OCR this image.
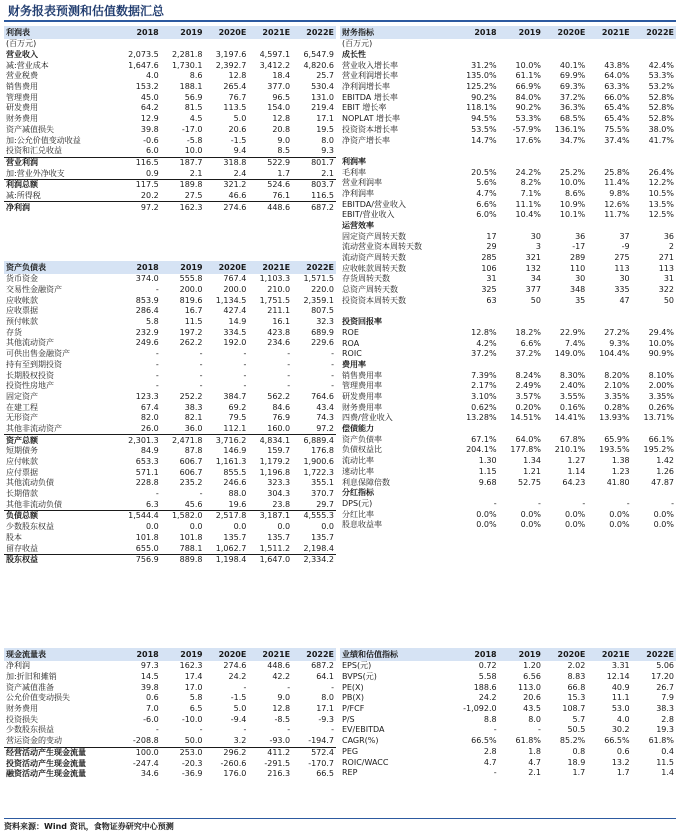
财务报表预测和估值数据汇总
利润表	2018	2019	2020E	2021E	2022E
(百万元)					
营业收入	2,073.5	2,281.8	3,197.6	4,597.1	6,547.9
减:营业成本	1,647.6	1,730.1	2,392.7	3,412.2	4,820.6
营业税费	4.0	8.6	12.8	18.4	25.7
销售费用	153.2	188.1	265.4	377.0	530.4
管理费用	45.0	56.9	76.7	96.5	131.0
研发费用	64.2	81.5	113.5	154.0	219.4
财务费用	12.9	4.5	5.0	12.8	17.1
资产减值损失	39.8	-17.0	20.6	20.8	19.5
加:公允价值变动收益	-0.6	-5.8	-1.5	9.0	8.0
投资和汇兑收益	6.0	10.0	9.4	8.5	9.3
营业利润	116.5	187.7	318.8	522.9	801.7
加:营业外净收支	0.9	2.1	2.4	1.7	2.1
利润总额	117.5	189.8	321.2	524.6	803.7
减:所得税	20.2	27.5	46.6	76.1	116.5
净利润	97.2	162.3	274.6	448.6	687.2
资产负债表	2018	2019	2020E	2021E	2022E
货币资金	374.0	555.8	767.4	1,103.3	1,571.5
交易性金融资产	-	200.0	200.0	210.0	220.0
应收帐款	853.9	819.6	1,134.5	1,751.5	2,359.1
应收票据	286.4	16.7	427.4	211.1	807.5
预付帐款	5.8	11.5	14.9	16.1	32.3
存货	232.9	197.2	334.5	423.8	689.9
其他流动资产	249.6	262.2	192.0	234.6	229.6
可供出售金融资产	-	-	-	-	-
持有至到期投资	-	-	-	-	-
长期股权投资	-	-	-	-	-
投资性房地产	-	-	-	-	-
固定资产	123.3	252.2	384.7	562.2	764.6
在建工程	67.4	38.3	69.2	84.6	43.4
无形资产	82.0	82.1	79.5	76.9	74.3
其他非流动资产	26.0	36.0	112.1	160.0	97.2
资产总额	2,301.3	2,471.8	3,716.2	4,834.1	6,889.4
短期债务	84.9	87.8	146.9	159.7	176.8
应付帐款	653.3	606.7	1,161.3	1,179.2	1,900.6
应付票据	571.1	606.7	855.5	1,196.8	1,722.3
其他流动负债	228.8	235.2	246.6	323.3	355.1
长期借款	-	-	88.0	304.3	370.7
其他非流动负债	6.3	45.6	19.6	23.8	29.7
负债总额	1,544.4	1,582.0	2,517.8	3,187.1	4,555.3
少数股东权益	0.0	0.0	0.0	0.0	0.0
股本	101.8	101.8	135.7	135.7	135.7
留存收益	655.0	788.1	1,062.7	1,511.2	2,198.4
股东权益	756.9	889.8	1,198.4	1,647.0	2,334.2
财务指标	2018	2019	2020E	2021E	2022E
(百万元)					
成长性					
营业收入增长率	31.2%	10.0%	40.1%	43.8%	42.4%
营业利润增长率	135.0%	61.1%	69.9%	64.0%	53.3%
净利润增长率	125.2%	66.9%	69.3%	63.3%	53.2%
EBITDA 增长率	90.2%	84.0%	37.2%	66.0%	52.8%
EBIT 增长率	118.1%	90.2%	36.3%	65.4%	52.8%
NOPLAT 增长率	94.5%	53.3%	68.5%	65.4%	52.8%
投资资本增长率	53.5%	-57.9%	136.1%	75.5%	38.0%
净资产增长率	14.7%	17.6%	34.7%	37.4%	41.7%

利润率					
毛利率	20.5%	24.2%	25.2%	25.8%	26.4%
营业利润率	5.6%	8.2%	10.0%	11.4%	12.2%
净利润率	4.7%	7.1%	8.6%	9.8%	10.5%
EBITDA/营业收入	6.6%	11.1%	10.9%	12.6%	13.5%
EBIT/营业收入	6.0%	10.4%	10.1%	11.7%	12.5%
运营效率					
固定资产周转天数	17	30	36	37	36
流动营业资本周转天数	29	3	-17	-9	2
流动资产周转天数	285	321	289	275	271
应收帐款周转天数	106	132	110	113	113
存货周转天数	31	34	30	30	31
总资产周转天数	325	377	348	335	322
投资资本周转天数	63	50	35	47	50

投资回报率					
ROE	12.8%	18.2%	22.9%	27.2%	29.4%
ROA	4.2%	6.6%	7.4%	9.3%	10.0%
ROIC	37.2%	37.2%	149.0%	104.4%	90.9%
费用率					
销售费用率	7.39%	8.24%	8.30%	8.20%	8.10%
管理费用率	2.17%	2.49%	2.40%	2.10%	2.00%
研发费用率	3.10%	3.57%	3.55%	3.35%	3.35%
财务费用率	0.62%	0.20%	0.16%	0.28%	0.26%
四费/营业收入	13.28%	14.51%	14.41%	13.93%	13.71%
偿债能力					
资产负债率	67.1%	64.0%	67.8%	65.9%	66.1%
负债权益比	204.1%	177.8%	210.1%	193.5%	195.2%
流动比率	1.30	1.34	1.27	1.38	1.42
速动比率	1.15	1.21	1.14	1.23	1.26
利息保障倍数	9.68	52.75	64.23	41.80	47.87
分红指标					
DPS(元)	-	-	-	-	-
分红比率	0.0%	0.0%	0.0%	0.0%	0.0%
股息收益率	0.0%	0.0%	0.0%	0.0%	0.0%
现金流量表	2018	2019	2020E	2021E	2022E
净利润	97.3	162.3	274.6	448.6	687.2
加:折旧和摊销	14.5	17.4	24.2	42.2	64.1
资产减值准备	39.8	17.0	-	-	-
公允价值变动损失	0.6	5.8	-1.5	9.0	8.0
财务费用	7.0	6.5	5.0	12.8	17.1
投资损失	-6.0	-10.0	-9.4	-8.5	-9.3
少数股东损益	-	-	-	-	-
营运资金的变动	-208.8	50.0	3.2	-93.0	-194.7
经营活动产生现金流量	100.0	253.0	296.2	411.2	572.4
投资活动产生现金流量	-247.4	-20.3	-260.6	-291.5	-170.7
融资活动产生现金流量	34.6	-36.9	176.0	216.3	66.5
业绩和估值指标	2018	2019	2020E	2021E	2022E
EPS(元)	0.72	1.20	2.02	3.31	5.06
BVPS(元)	5.58	6.56	8.83	12.14	17.20
PE(X)	188.6	113.0	66.8	40.9	26.7
PB(X)	24.2	20.6	15.3	11.1	7.9
P/FCF	-1,092.0	43.5	108.7	53.0	38.3
P/S	8.8	8.0	5.7	4.0	2.8
EV/EBITDA	-	-	50.5	30.2	19.3
CAGR(%)	66.5%	61.8%	85.2%	66.5%	61.8%
PEG	2.8	1.8	0.8	0.6	0.4
ROIC/WACC	4.7	4.7	18.9	13.2	11.5
REP	-	2.1	1.7	1.7	1.4
资料来源：Wind 资讯，食物证券研究中心预测
